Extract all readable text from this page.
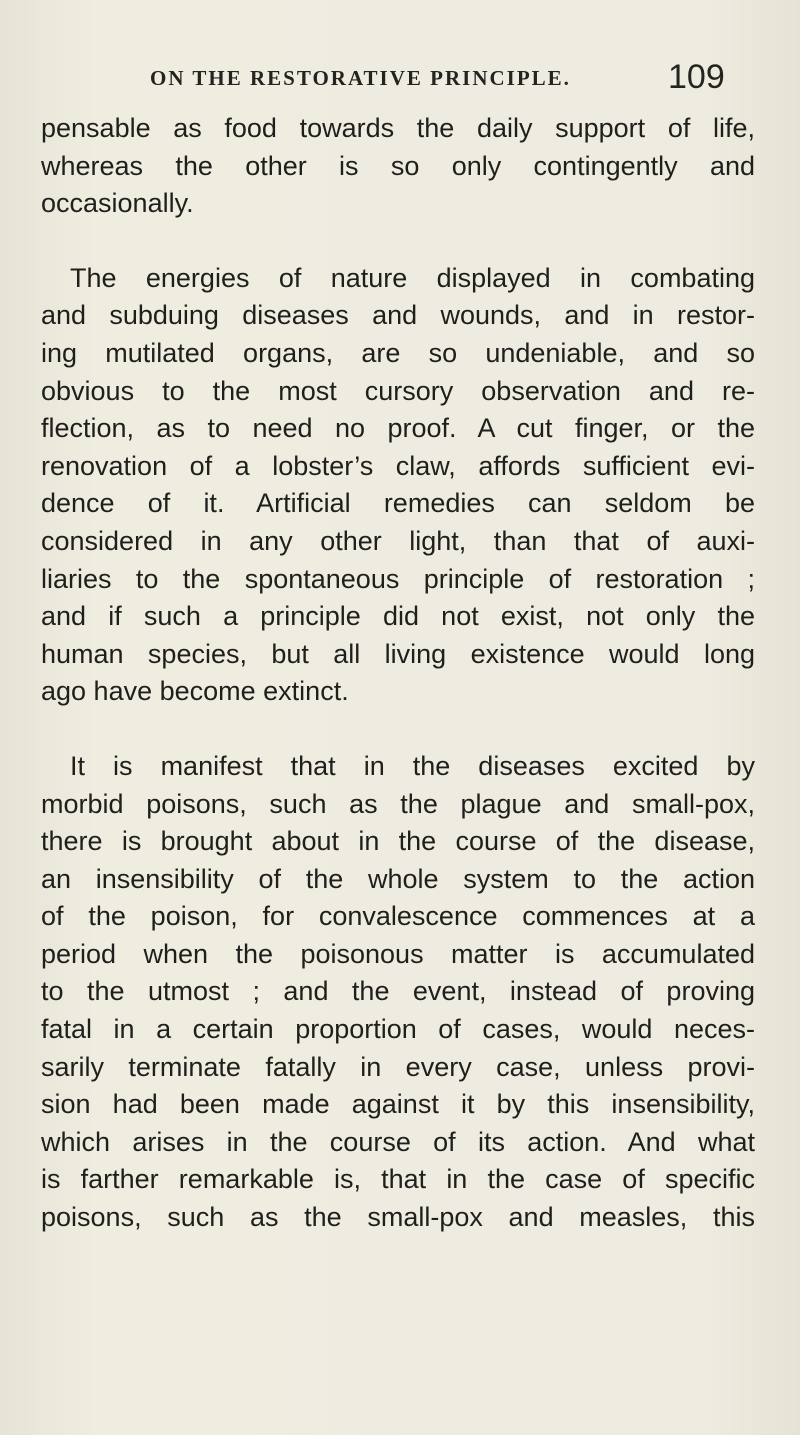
ON THE RESTORATIVE PRINCIPLE.	109

pensable as food towards the daily support of life,
whereas the other is so only contingently and
occasionally.

The energies of nature displayed in combating
and subduing diseases and wounds, and in restor-
ing mutilated organs, are so undeniable, and so
obvious to the most cursory observation and re-
flection, as to need no proof. A cut finger, or the
renovation of a lobster’s claw, affords sufficient evi-
dence of it. Artificial remedies can seldom be
considered in any other light, than that of auxi-
liaries to the spontaneous principle of restoration ;
and if such a principle did not exist, not only the
human species, but all living existence would long
ago have become extinct.

It is manifest that in the diseases excited by
morbid poisons, such as the plague and small-pox,
there is brought about in the course of the disease,
an insensibility of the whole system to the action
of the poison, for convalescence commences at a
period when the poisonous matter is accumulated
to the utmost ; and the event, instead of proving
fatal in a certain proportion of cases, would neces-
sarily terminate fatally in every case, unless provi-
sion had been made against it by this insensibility,
which arises in the course of its action. And what
is farther remarkable is, that in the case of specific
poisons, such as the small-pox and measles, this
